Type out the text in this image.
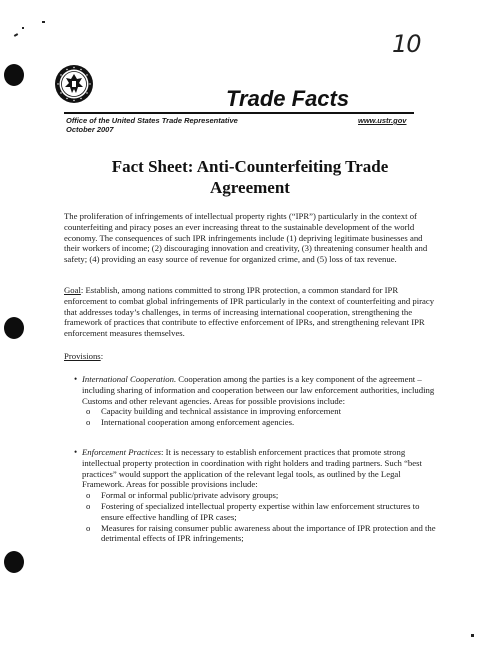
10
Trade Facts
Office of the United States Trade Representative
October 2007
www.ustr.gov
Fact Sheet: Anti-Counterfeiting Trade
Agreement
The proliferation of infringements of intellectual property rights (“IPR”) particularly in the context of counterfeiting and piracy poses an ever increasing threat to the sustainable development of the world economy. The consequences of such IPR infringements include (1) depriving legitimate businesses and their workers of income; (2) discouraging innovation and creativity, (3) threatening consumer health and safety; (4) providing an easy source of revenue for organized crime, and (5) loss of tax revenue.
Goal: Establish, among nations committed to strong IPR protection, a common standard for IPR enforcement to combat global infringements of IPR particularly in the context of counterfeiting and piracy that addresses today’s challenges, in terms of increasing international cooperation, strengthening the framework of practices that contribute to effective enforcement of IPRs, and strengthening relevant IPR enforcement measures themselves.
Provisions:
• International Cooperation. Cooperation among the parties is a key component of the agreement – including sharing of information and cooperation between our law enforcement authorities, including Customs and other relevant agencies. Areas for possible provisions include:
o Capacity building and technical assistance in improving enforcement
o International cooperation among enforcement agencies.
• Enforcement Practices: It is necessary to establish enforcement practices that promote strong intellectual property protection in coordination with right holders and trading partners. Such “best practices” would support the application of the relevant legal tools, as outlined by the Legal Framework. Areas for possible provisions include:
o Formal or informal public/private advisory groups;
o Fostering of specialized intellectual property expertise within law enforcement structures to ensure effective handling of IPR cases;
o Measures for raising consumer public awareness about the importance of IPR protection and the detrimental effects of IPR infringements;
